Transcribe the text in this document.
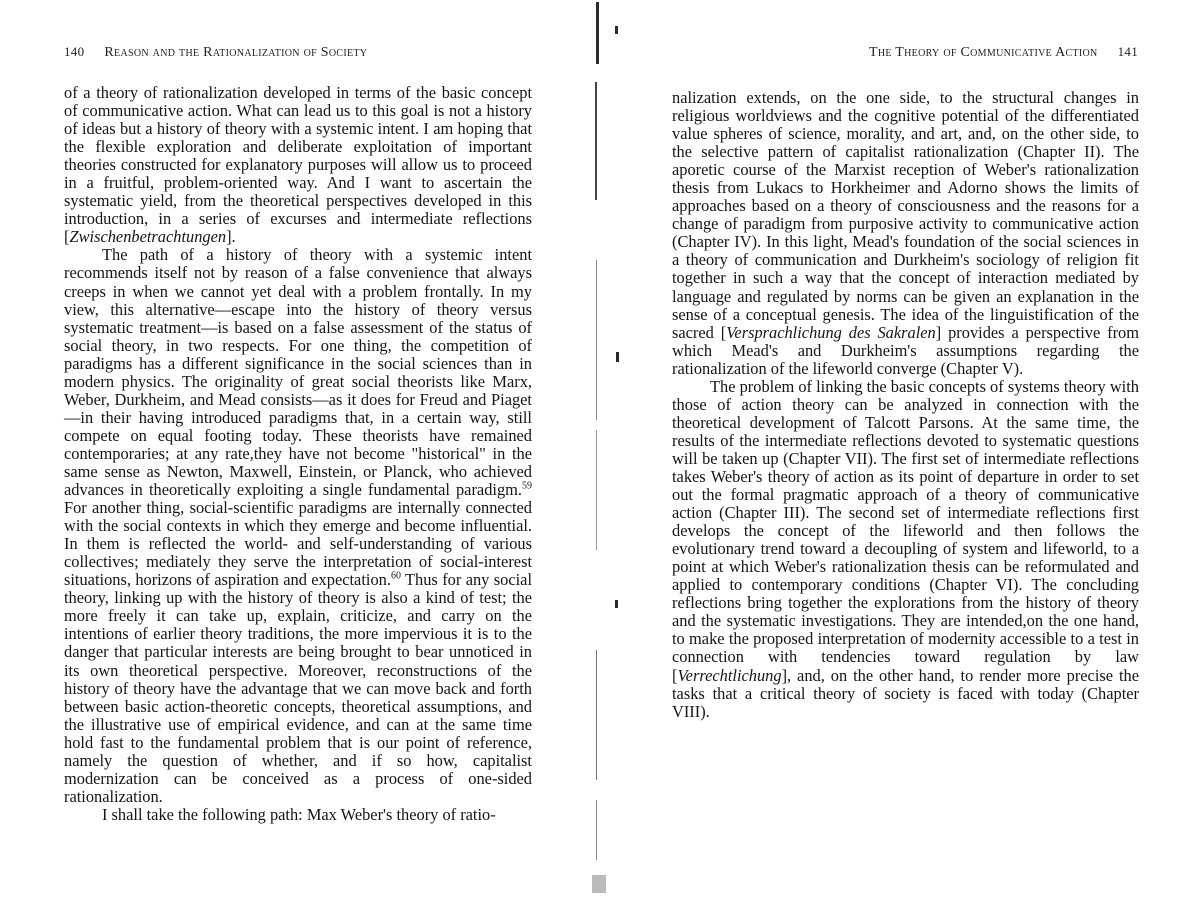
140 Reason and the Rationalization of Society

of a theory of rationalization developed in terms of the basic concept of communicative action. What can lead us to this goal is not a history of ideas but a history of theory with a systemic intent. I am hoping that the flexible exploration and deliberate exploitation of important theories constructed for explanatory purposes will allow us to proceed in a fruitful, problem-oriented way. And I want to ascertain the systematic yield, from the theoretical perspectives developed in this introduction, in a series of excurses and intermediate reflections [Zwischenbetrachtungen].

The path of a history of theory with a systemic intent recommends itself not by reason of a false convenience that always creeps in when we cannot yet deal with a problem frontally. In my view, this alternative—escape into the history of theory versus systematic treatment—is based on a false assessment of the status of social theory, in two respects. For one thing, the competition of paradigms has a different significance in the social sciences than in modern physics. The originality of great social theorists like Marx, Weber, Durkheim, and Mead consists—as it does for Freud and Piaget—in their having introduced paradigms that, in a certain way, still compete on equal footing today. These theorists have remained contemporaries; at any rate,they have not become "historical" in the same sense as Newton, Maxwell, Einstein, or Planck, who achieved advances in theoretically exploiting a single fundamental paradigm.$^{59}$ For another thing, social-scientific paradigms are internally connected with the social contexts in which they emerge and become influential. In them is reflected the world- and self-understanding of various collectives; mediately they serve the interpretation of social-interest situations, horizons of aspiration and expectation.$^{60}$ Thus for any social theory, linking up with the history of theory is also a kind of test; the more freely it can take up, explain, criticize, and carry on the intentions of earlier theory traditions, the more impervious it is to the danger that particular interests are being brought to bear unnoticed in its own theoretical perspective. Moreover, reconstructions of the history of theory have the advantage that we can move back and forth between basic action-theoretic concepts, theoretical assumptions, and the illustrative use of empirical evidence, and can at the same time hold fast to the fundamental problem that is our point of reference, namely the question of whether, and if so how, capitalist modernization can be conceived as a process of one-sided rationalization.

I shall take the following path: Max Weber's theory of ratio-

The Theory of Communicative Action 141

nalization extends, on the one side, to the structural changes in religious worldviews and the cognitive potential of the differentiated value spheres of science, morality, and art, and, on the other side, to the selective pattern of capitalist rationalization (Chapter II). The aporetic course of the Marxist reception of Weber's rationalization thesis from Lukacs to Horkheimer and Adorno shows the limits of approaches based on a theory of consciousness and the reasons for a change of paradigm from purposive activity to communicative action (Chapter IV). In this light, Mead's foundation of the social sciences in a theory of communication and Durkheim's sociology of religion fit together in such a way that the concept of interaction mediated by language and regulated by norms can be given an explanation in the sense of a conceptual genesis. The idea of the linguistification of the sacred [Versprachlichung des Sakralen] provides a perspective from which Mead's and Durkheim's assumptions regarding the rationalization of the lifeworld converge (Chapter V).

The problem of linking the basic concepts of systems theory with those of action theory can be analyzed in connection with the theoretical development of Talcott Parsons. At the same time, the results of the intermediate reflections devoted to systematic questions will be taken up (Chapter VII). The first set of intermediate reflections takes Weber's theory of action as its point of departure in order to set out the formal pragmatic approach of a theory of communicative action (Chapter III). The second set of intermediate reflections first develops the concept of the lifeworld and then follows the evolutionary trend toward a decoupling of system and lifeworld, to a point at which Weber's rationalization thesis can be reformulated and applied to contemporary conditions (Chapter VI). The concluding reflections bring together the explorations from the history of theory and the systematic investigations. They are intended,on the one hand, to make the proposed interpretation of modernity accessible to a test in connection with tendencies toward regulation by law [Verrechtlichung], and, on the other hand, to render more precise the tasks that a critical theory of society is faced with today (Chapter VIII).
